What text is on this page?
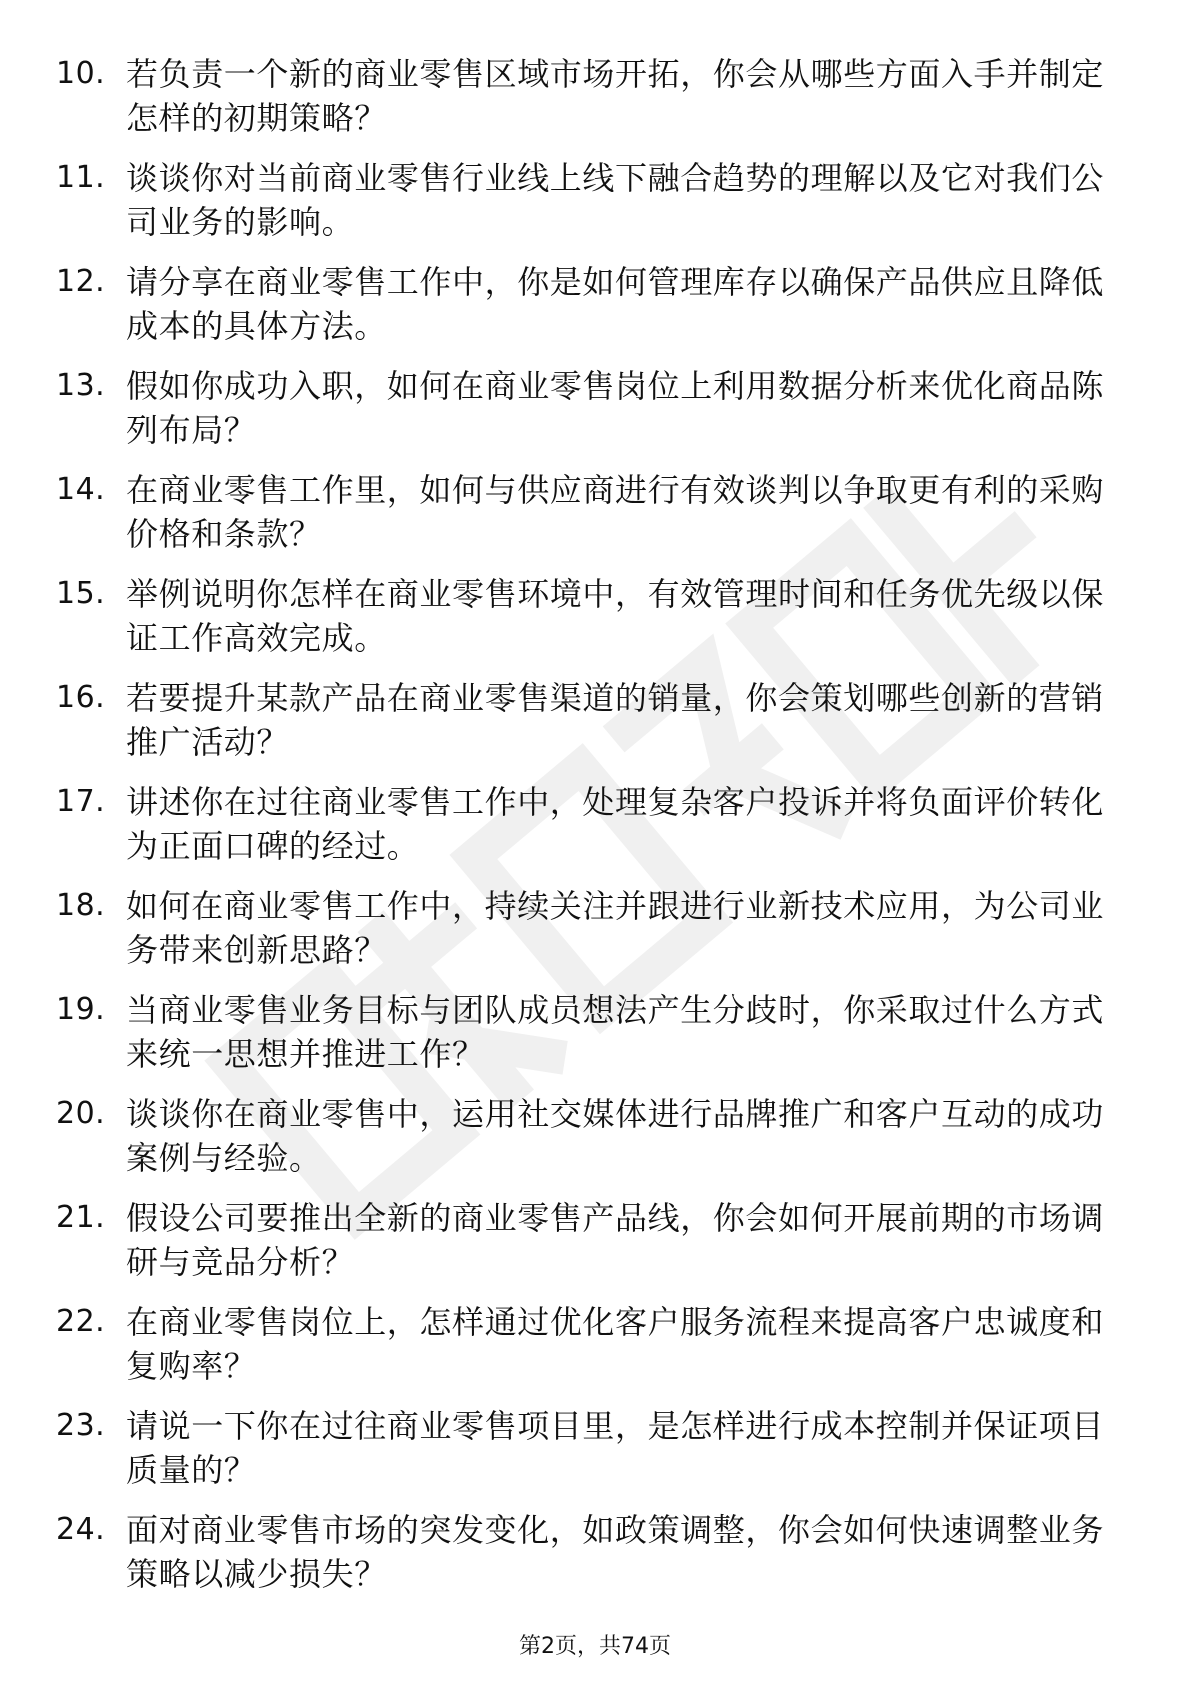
10. 若负责一个新的商业零售区域市场开拓，你会从哪些方面入手并制定怎样的初期策略？
11. 谈谈你对当前商业零售行业线上线下融合趋势的理解以及它对我们公司业务的影响。
12. 请分享在商业零售工作中，你是如何管理库存以确保产品供应且降低成本的具体方法。
13. 假如你成功入职，如何在商业零售岗位上利用数据分析来优化商品陈列布局？
14. 在商业零售工作里，如何与供应商进行有效谈判以争取更有利的采购价格和条款？
15. 举例说明你怎样在商业零售环境中，有效管理时间和任务优先级以保证工作高效完成。
16. 若要提升某款产品在商业零售渠道的销量，你会策划哪些创新的营销推广活动？
17. 讲述你在过往商业零售工作中，处理复杂客户投诉并将负面评价转化为正面口碑的经过。
18. 如何在商业零售工作中，持续关注并跟进行业新技术应用，为公司业务带来创新思路？
19. 当商业零售业务目标与团队成员想法产生分歧时，你采取过什么方式来统一思想并推进工作？
20. 谈谈你在商业零售中，运用社交媒体进行品牌推广和客户互动的成功案例与经验。
21. 假设公司要推出全新的商业零售产品线，你会如何开展前期的市场调研与竞品分析？
22. 在商业零售岗位上，怎样通过优化客户服务流程来提高客户忠诚度和复购率？
23. 请说一下你在过往商业零售项目里，是怎样进行成本控制并保证项目质量的？
24. 面对商业零售市场的突发变化，如政策调整，你会如何快速调整业务策略以减少损失？
第2页，共74页
